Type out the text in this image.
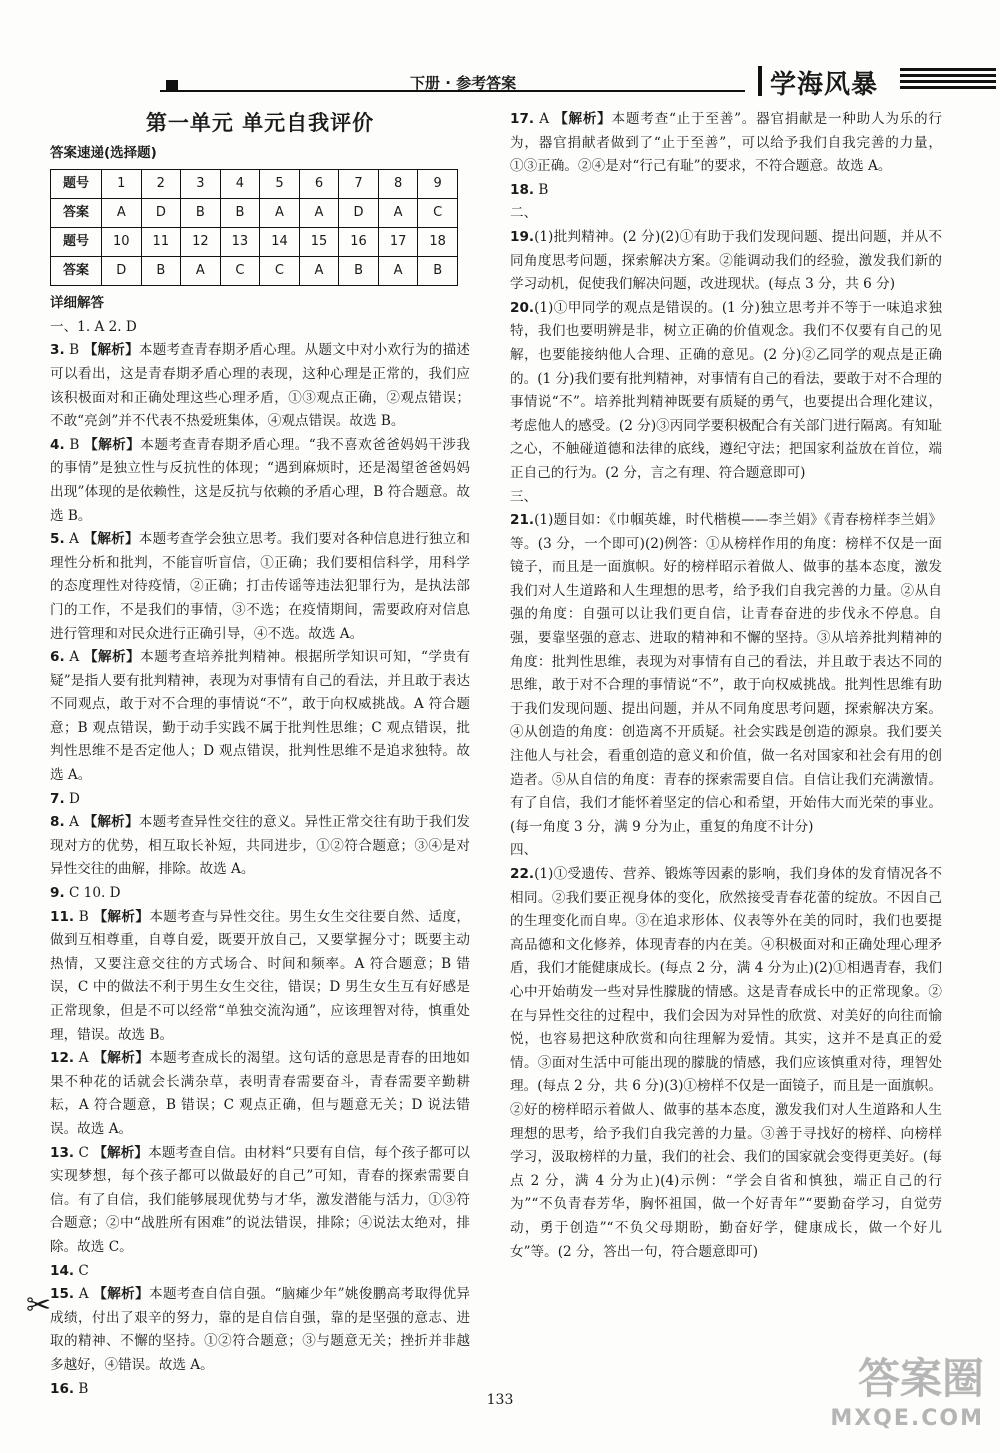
下册 · 参考答案	学海风暴
第一单元 单元自我评价
答案速递(选择题)
题号	1	2	3	4	5	6	7	8	9
答案	A	D	B	B	A	A	D	A	C
题号	10	11	12	13	14	15	16	17	18
答案	D	B	A	C	C	A	B	A	B
详细解答

一、1. A 2. D

3. B 【解析】本题考查青春期矛盾心理。从题文中对小欢行为的描述可以看出，这是青春期矛盾心理的表现，这种心理是正常的，我们应该积极面对和正确处理这些心理矛盾，①③观点正确，②观点错误；不敢“亮剑”并不代表不热爱班集体，④观点错误。故选 B。

4. B 【解析】本题考查青春期矛盾心理。“我不喜欢爸爸妈妈干涉我的事情”是独立性与反抗性的体现；“遇到麻烦时，还是渴望爸爸妈妈出现”体现的是依赖性，这是反抗与依赖的矛盾心理，B 符合题意。故选 B。

5. A 【解析】本题考查学会独立思考。我们要对各种信息进行独立和理性分析和批判，不能盲听盲信，①正确；我们要相信科学，用科学的态度理性对待疫情，②正确；打击传谣等违法犯罪行为，是执法部门的工作，不是我们的事情，③不选；在疫情期间，需要政府对信息进行管理和对民众进行正确引导，④不选。故选 A。

6. A 【解析】本题考查培养批判精神。根据所学知识可知，“学贵有疑”是指人要有批判精神，表现为对事情有自己的看法，并且敢于表达不同观点，敢于对不合理的事情说“不”，敢于向权威挑战。A 符合题意；B 观点错误，勤于动手实践不属于批判性思维；C 观点错误，批判性思维不是否定他人；D 观点错误，批判性思维不是追求独特。故选 A。

7. D

8. A 【解析】本题考查异性交往的意义。异性正常交往有助于我们发现对方的优势，相互取长补短，共同进步，①②符合题意；③④是对异性交往的曲解，排除。故选 A。

9. C 10. D

11. B 【解析】本题考查与异性交往。男生女生交往要自然、适度，做到互相尊重，自尊自爱，既要开放自己，又要掌握分寸；既要主动热情，又要注意交往的方式场合、时间和频率。A 符合题意；B 错误，C 中的做法不利于男生女生交往，错误；D 男生女生互有好感是正常现象，但是不可以经常“单独交流沟通”，应该理智对待，慎重处理，错误。故选 B。

12. A 【解析】本题考查成长的渴望。这句话的意思是青春的田地如果不种花的话就会长满杂草，表明青春需要奋斗，青春需要辛勤耕耘，A 符合题意，B 错误；C 观点正确，但与题意无关；D 说法错误。故选 A。

13. C 【解析】本题考查自信。由材料“只要有自信，每个孩子都可以实现梦想，每个孩子都可以做最好的自己”可知，青春的探索需要自信。有了自信，我们能够展现优势与才华，激发潜能与活力，①③符合题意；②中“战胜所有困难”的说法错误，排除；④说法太绝对，排除。故选 C。

14. C

15. A 【解析】本题考查自信自强。“脑瘫少年”姚俊鹏高考取得优异成绩，付出了艰辛的努力，靠的是自信自强，靠的是坚强的意志、进取的精神、不懈的坚持。①②符合题意；③与题意无关；挫折并非越多越好，④错误。故选 A。

16. B

17. A 【解析】本题考查“止于至善”。器官捐献是一种助人为乐的行为，器官捐献者做到了“止于至善”，可以给予我们自我完善的力量，①③正确。②④是对“行己有耻”的要求，不符合题意。故选 A。

18. B

二、

19.(1)批判精神。(2 分)(2)①有助于我们发现问题、提出问题，并从不同角度思考问题，探索解决方案。②能调动我们的经验，激发我们新的学习动机，促使我们解决问题，改进现状。(每点 3 分，共 6 分)

20.(1)①甲同学的观点是错误的。(1 分)独立思考并不等于一味追求独特，我们也要明辨是非，树立正确的价值观念。我们不仅要有自己的见解，也要能接纳他人合理、正确的意见。(2 分)②乙同学的观点是正确的。(1 分)我们要有批判精神，对事情有自己的看法，要敢于对不合理的事情说“不”。培养批判精神既要有质疑的勇气，也要提出合理化建议，考虑他人的感受。(2 分)③丙同学要积极配合有关部门进行隔离。有知耻之心，不触碰道德和法律的底线，遵纪守法；把国家利益放在首位，端正自己的行为。(2 分，言之有理、符合题意即可)

三、

21.(1)题目如：《巾帼英雄，时代楷模——李兰娟》《青春榜样李兰娟》等。(3 分，一个即可)(2)例答：①从榜样作用的角度：榜样不仅是一面镜子，而且是一面旗帜。好的榜样昭示着做人、做事的基本态度，激发我们对人生道路和人生理想的思考，给予我们自我完善的力量。②从自强的角度：自强可以让我们更自信，让青春奋进的步伐永不停息。自强，要靠坚强的意志、进取的精神和不懈的坚持。③从培养批判精神的角度：批判性思维，表现为对事情有自己的看法，并且敢于表达不同的思维，敢于对不合理的事情说“不”，敢于向权威挑战。批判性思维有助于我们发现问题、提出问题，并从不同角度思考问题，探索解决方案。④从创造的角度：创造离不开质疑。社会实践是创造的源泉。我们要关注他人与社会，看重创造的意义和价值，做一名对国家和社会有用的创造者。⑤从自信的角度：青春的探索需要自信。自信让我们充满激情。有了自信，我们才能怀着坚定的信心和希望，开始伟大而光荣的事业。(每一角度 3 分，满 9 分为止，重复的角度不计分)

四、

22.(1)①受遗传、营养、锻炼等因素的影响，我们身体的发育情况各不相同。②我们要正视身体的变化，欣然接受青春花蕾的绽放。不因自己的生理变化而自卑。③在追求形体、仪表等外在美的同时，我们也要提高品德和文化修养，体现青春的内在美。④积极面对和正确处理心理矛盾，我们才能健康成长。(每点 2 分，满 4 分为止)(2)①相遇青春，我们心中开始萌发一些对异性朦胧的情感。这是青春成长中的正常现象。②在与异性交往的过程中，我们会因为对异性的欣赏、对美好的向往而愉悦，也容易把这种欣赏和向往理解为爱情。其实，这并不是真正的爱情。③面对生活中可能出现的朦胧的情感，我们应该慎重对待，理智处理。(每点 2 分，共 6 分)(3)①榜样不仅是一面镜子，而且是一面旗帜。②好的榜样昭示着做人、做事的基本态度，激发我们对人生道路和人生理想的思考，给予我们自我完善的力量。③善于寻找好的榜样、向榜样学习，汲取榜样的力量，我们的社会、我们的国家就会变得更美好。(每点 2 分，满 4 分为止)(4)示例：“学会自省和慎独，端正自己的行为”“不负青春芳华，胸怀祖国，做一个好青年”“要勤奋学习，自觉劳动，勇于创造”“不负父母期盼，勤奋好学，健康成长，做一个好儿女”等。(2 分，答出一句，符合题意即可)

✂
133	答案圈
MXQE.COM
